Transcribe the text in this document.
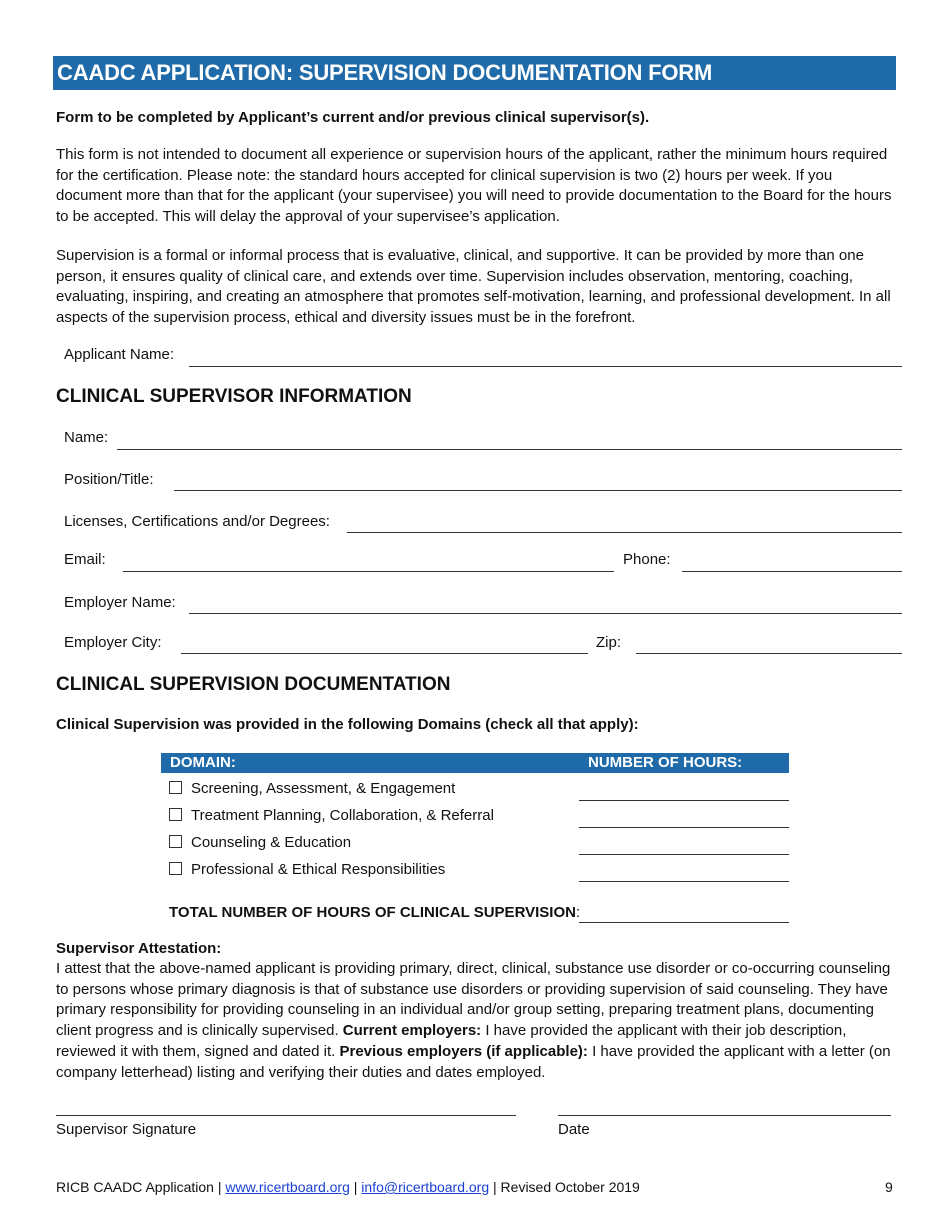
CAADC APPLICATION: SUPERVISION DOCUMENTATION FORM
Form to be completed by Applicant’s current and/or previous clinical supervisor(s).
This form is not intended to document all experience or supervision hours of the applicant, rather the minimum hours required for the certification. Please note: the standard hours accepted for clinical supervision is two (2) hours per week. If you document more than that for the applicant (your supervisee) you will need to provide documentation to the Board for the hours to be accepted. This will delay the approval of your supervisee’s application.
Supervision is a formal or informal process that is evaluative, clinical, and supportive. It can be provided by more than one person, it ensures quality of clinical care, and extends over time. Supervision includes observation, mentoring, coaching, evaluating, inspiring, and creating an atmosphere that promotes self-motivation, learning, and professional development. In all aspects of the supervision process, ethical and diversity issues must be in the forefront.
Applicant Name:
CLINICAL SUPERVISOR INFORMATION
Name:
Position/Title:
Licenses, Certifications and/or Degrees:
Email:	Phone:
Employer Name:
Employer City:	Zip:
CLINICAL SUPERVISION DOCUMENTATION
Clinical Supervision was provided in the following Domains (check all that apply):
DOMAIN:	NUMBER OF HOURS:
Screening, Assessment, & Engagement
Treatment Planning, Collaboration, & Referral
Counseling & Education
Professional & Ethical Responsibilities
TOTAL NUMBER OF HOURS OF CLINICAL SUPERVISION:
Supervisor Attestation:
I attest that the above-named applicant is providing primary, direct, clinical, substance use disorder or co-occurring counseling to persons whose primary diagnosis is that of substance use disorders or providing supervision of said counseling. They have primary responsibility for providing counseling in an individual and/or group setting, preparing treatment plans, documenting client progress and is clinically supervised. Current employers: I have provided the applicant with their job description, reviewed it with them, signed and dated it. Previous employers (if applicable): I have provided the applicant with a letter (on company letterhead) listing and verifying their duties and dates employed.
Supervisor Signature	Date
RICB CAADC Application | www.ricertboard.org | info@ricertboard.org | Revised October 2019	9
